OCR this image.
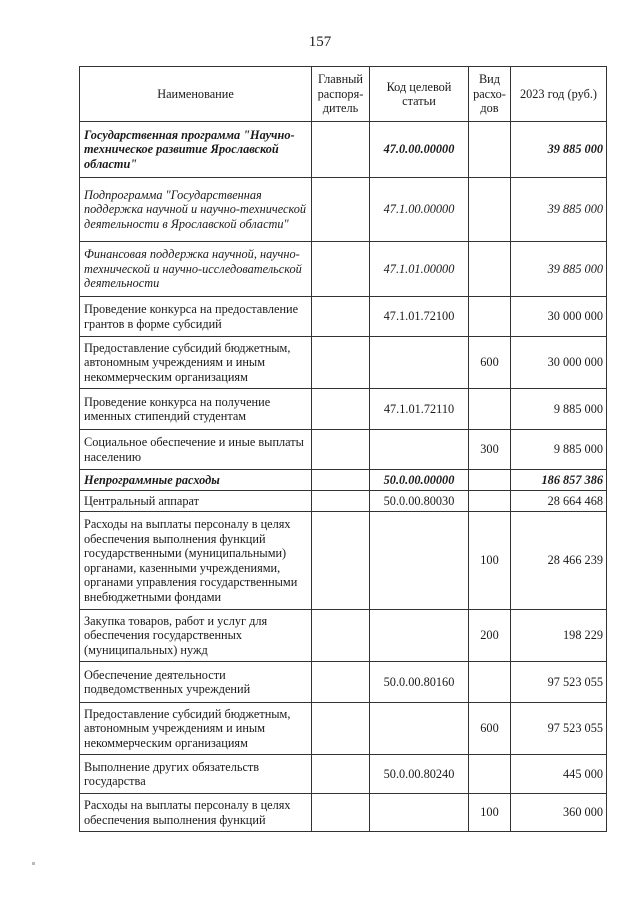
157
Наименование	Главный распоря-дитель	Код целевой статьи	Вид расхо-дов	2023 год (руб.)
Государственная программа "Научно-техническое развитие Ярославской области"		47.0.00.00000		39 885 000
Подпрограмма "Государственная поддержка научной и научно-технической деятельности в Ярославской области"		47.1.00.00000		39 885 000
Финансовая поддержка научной, научно-технической и научно-исследовательской деятельности		47.1.01.00000		39 885 000
Проведение конкурса на предоставление грантов в форме субсидий		47.1.01.72100		30 000 000
Предоставление субсидий бюджетным, автономным учреждениям и иным некоммерческим организациям			600	30 000 000
Проведение конкурса на получение именных стипендий студентам		47.1.01.72110		9 885 000
Социальное обеспечение и иные выплаты населению			300	9 885 000
Непрограммные расходы		50.0.00.00000		186 857 386
Центральный аппарат		50.0.00.80030		28 664 468
Расходы на выплаты персоналу в целях обеспечения выполнения функций государственными (муниципальными) органами, казенными учреждениями, органами управления государственными внебюджетными фондами			100	28 466 239
Закупка товаров, работ и услуг для обеспечения государственных (муниципальных) нужд			200	198 229
Обеспечение деятельности подведомственных учреждений		50.0.00.80160		97 523 055
Предоставление субсидий бюджетным, автономным учреждениям и иным некоммерческим организациям			600	97 523 055
Выполнение других обязательств государства		50.0.00.80240		445 000
Расходы на выплаты персоналу в целях обеспечения выполнения функций			100	360 000
